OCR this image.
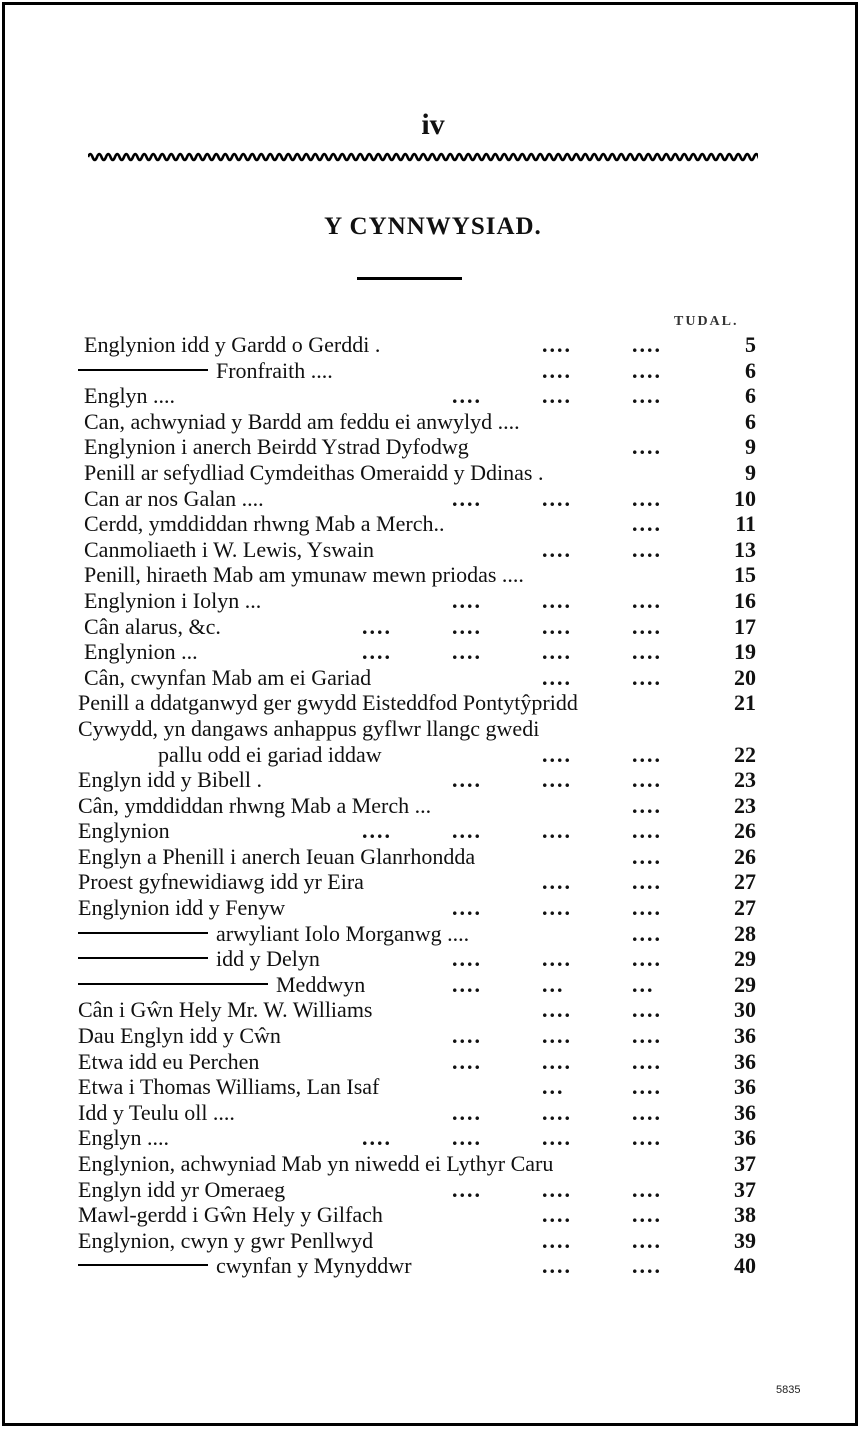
iv
Y CYNNWYSIAD.
TUDAL.
Englynion idd y Gardd o Gerddi .	....	....	5
Fronfraith ....	....	....	6
Englyn ....	....	....	....	6
Can, achwyniad y Bardd am feddu ei anwylyd ....	6
Englynion i anerch Beirdd Ystrad Dyfodwg	....	9
Penill ar sefydliad Cymdeithas Omeraidd y Ddinas .	9
Can ar nos Galan ....	....	....	....	10
Cerdd, ymddiddan rhwng Mab a Merch..	....	11
Canmoliaeth i W. Lewis, Yswain	....	....	13
Penill, hiraeth Mab am ymunaw mewn priodas ....	15
Englynion i Iolyn ...	....	....	....	16
Cân alarus, &c.	....	....	....	....	17
Englynion ...	....	....	....	....	19
Cân, cwynfan Mab am ei Gariad	....	....	20
Penill a ddatganwyd ger gwydd Eisteddfod Pontytŷpridd	21
Cywydd, yn dangaws anhappus gyflwr llangc gwedi
pallu odd ei gariad iddaw	....	....	22
Englyn idd y Bibell .	....	....	....	23
Cân, ymddiddan rhwng Mab a Merch ...	....	23
Englynion	....	....	....	....	26
Englyn a Phenill i anerch Ieuan Glanrhondda	....	26
Proest gyfnewidiawg idd yr Eira	....	....	27
Englynion idd y Fenyw	....	....	....	27
arwyliant Iolo Morganwg ....	....	28
idd y Delyn	....	....	....	29
Meddwyn	....	...	...	29
Cân i Gŵn Hely Mr. W. Williams	....	....	30
Dau Englyn idd y Cŵn	....	....	....	36
Etwa idd eu Perchen	....	....	....	36
Etwa i Thomas Williams, Lan Isaf	...	....	36
Idd y Teulu oll ....	....	....	....	36
Englyn ....	....	....	....	....	36
Englynion, achwyniad Mab yn niwedd ei Lythyr Caru	37
Englyn idd yr Omeraeg	....	....	....	37
Mawl-gerdd i Gŵn Hely y Gilfach	....	....	38
Englynion, cwyn y gwr Penllwyd	....	....	39
cwynfan y Mynyddwr	....	....	40
5835
